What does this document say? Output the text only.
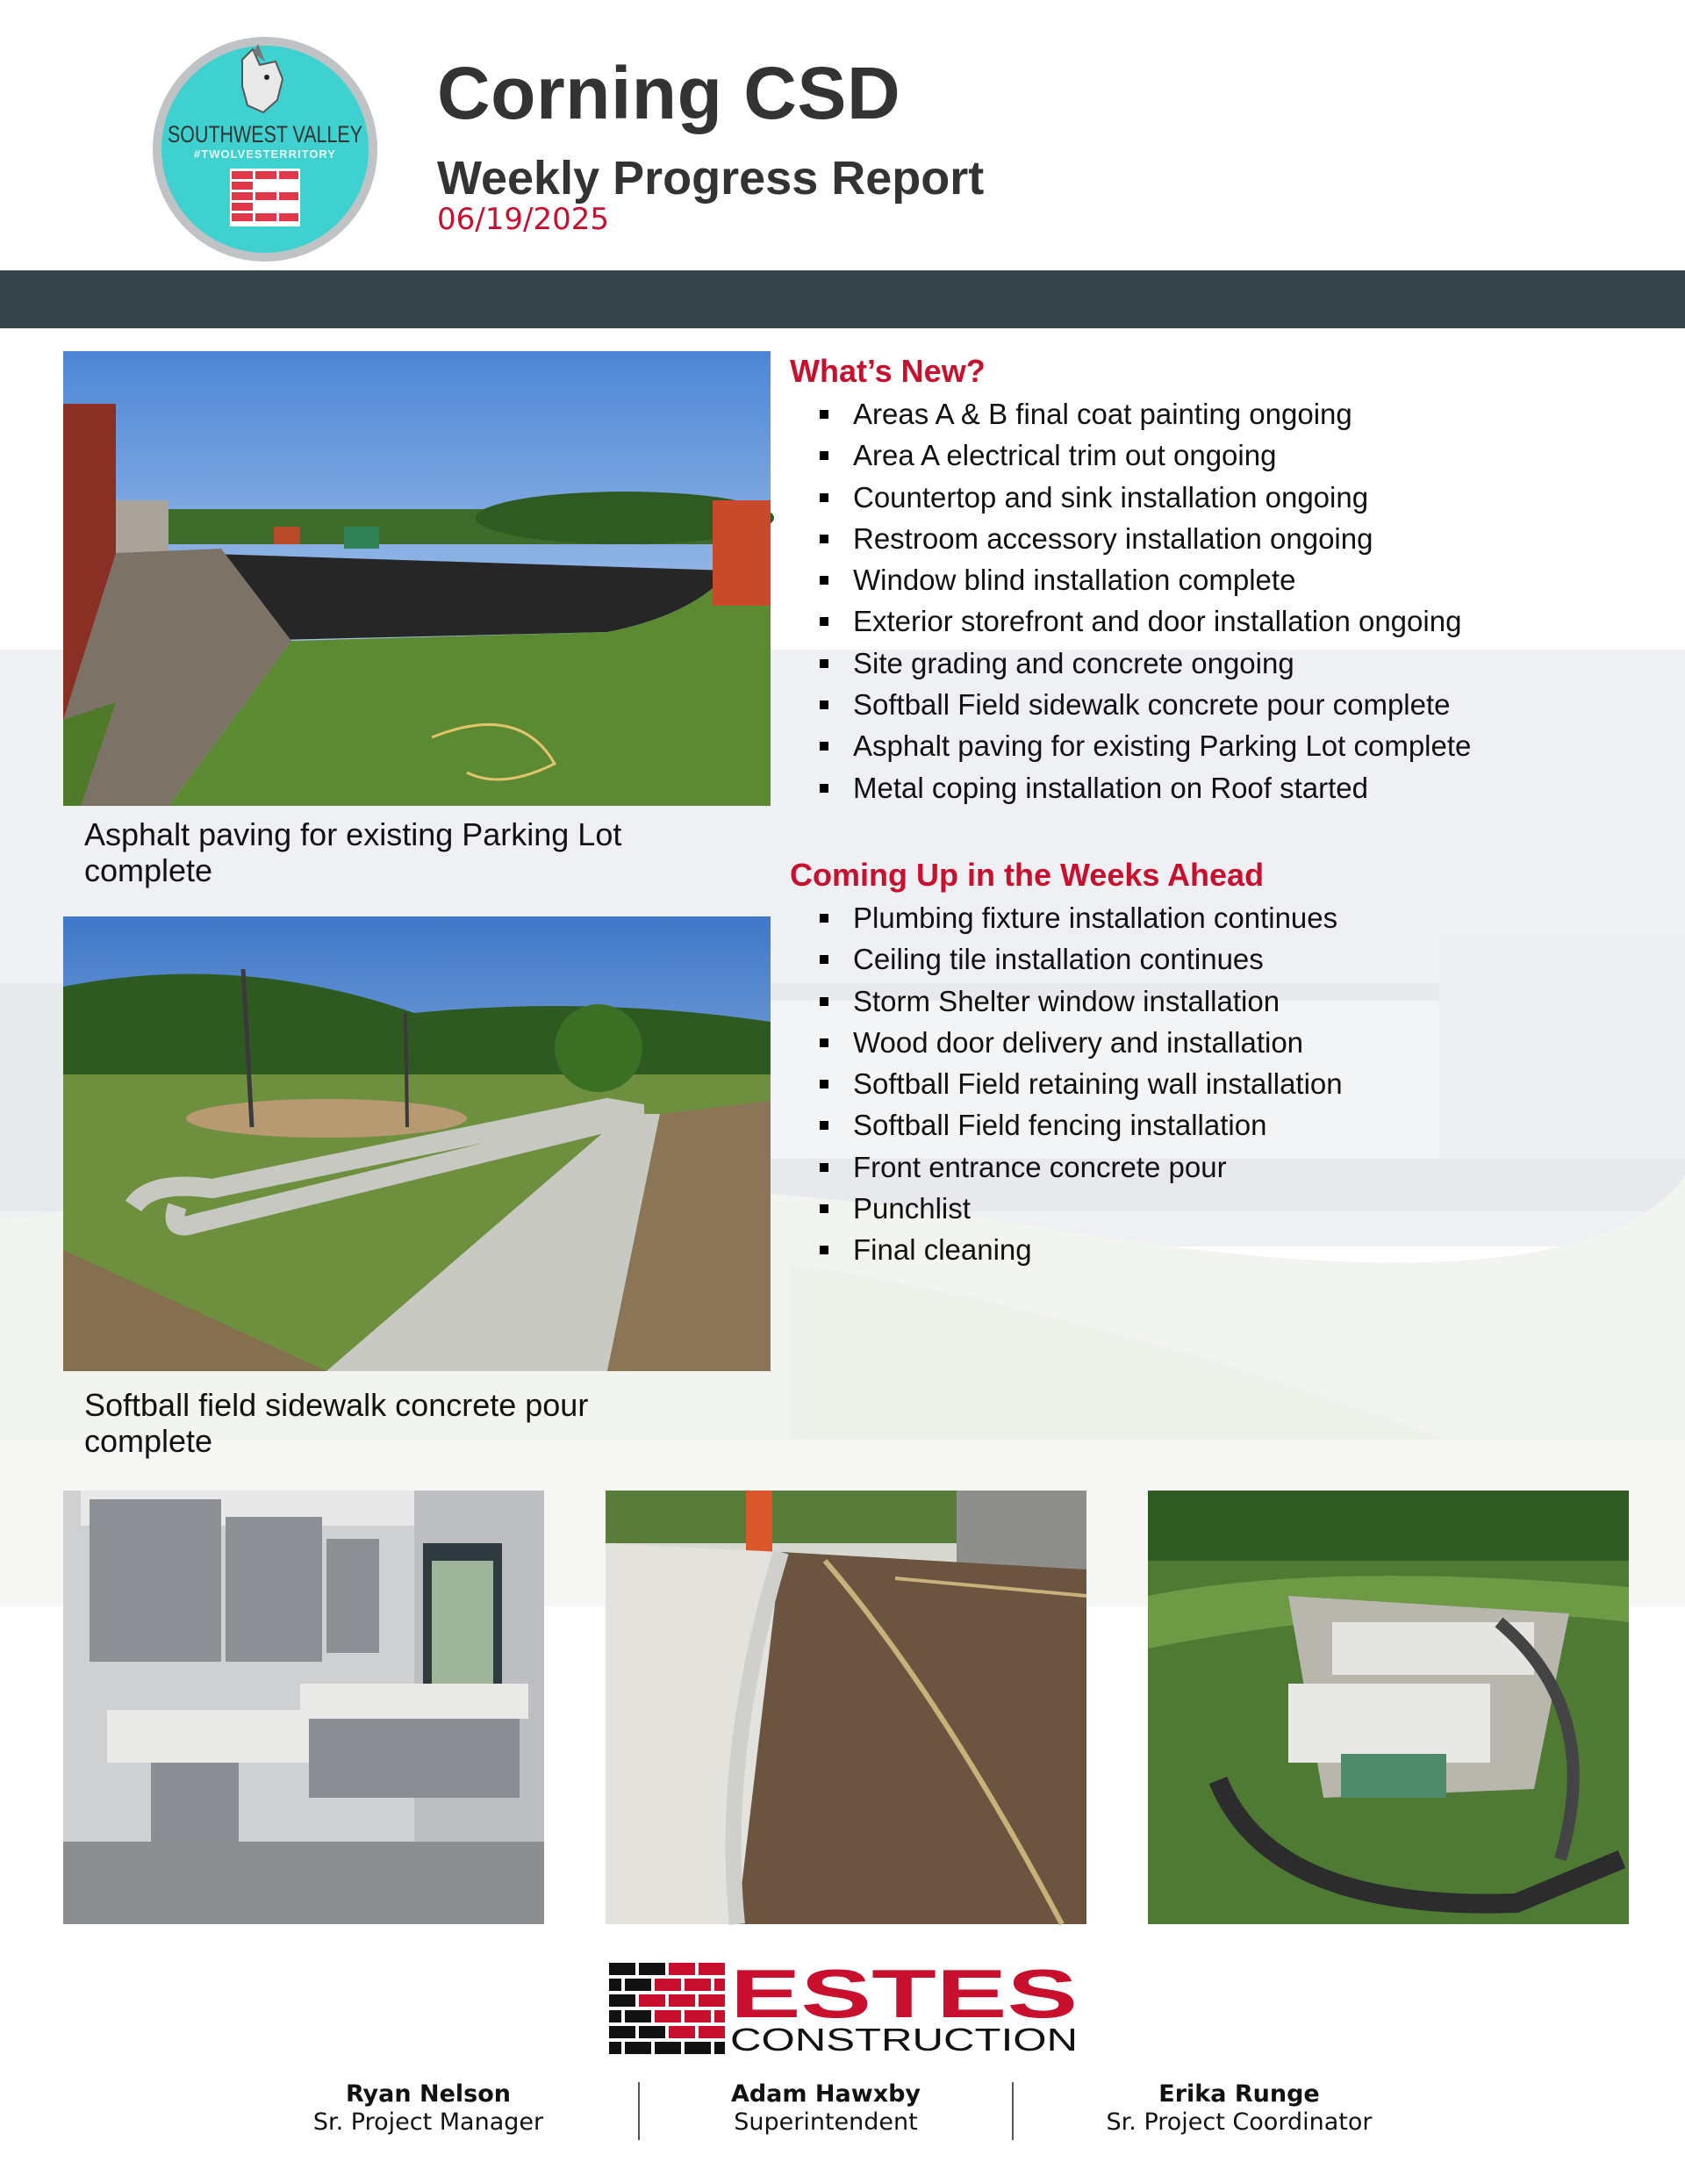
SOUTHWEST VALLEY
#TWOLVESTERRITORY
Corning CSD
Weekly Progress Report
06/19/2025
Asphalt paving for existing Parking Lot complete
Softball field sidewalk concrete pour complete
What’s New?
Areas A & B final coat painting ongoing
Area A electrical trim out ongoing
Countertop and sink installation ongoing
Restroom accessory installation ongoing
Window blind installation complete
Exterior storefront and door installation ongoing
Site grading and concrete ongoing
Softball Field sidewalk concrete pour complete
Asphalt paving for existing Parking Lot complete
Metal coping installation on Roof started
Coming Up in the Weeks Ahead
Plumbing fixture installation continues
Ceiling tile installation continues
Storm Shelter window installation
Wood door delivery and installation
Softball Field retaining wall installation
Softball Field fencing installation
Front entrance concrete pour
Punchlist
Final cleaning
ESTES
CONSTRUCTION
Ryan Nelson
Sr. Project Manager
Adam Hawxby
Superintendent
Erika Runge
Sr. Project Coordinator
